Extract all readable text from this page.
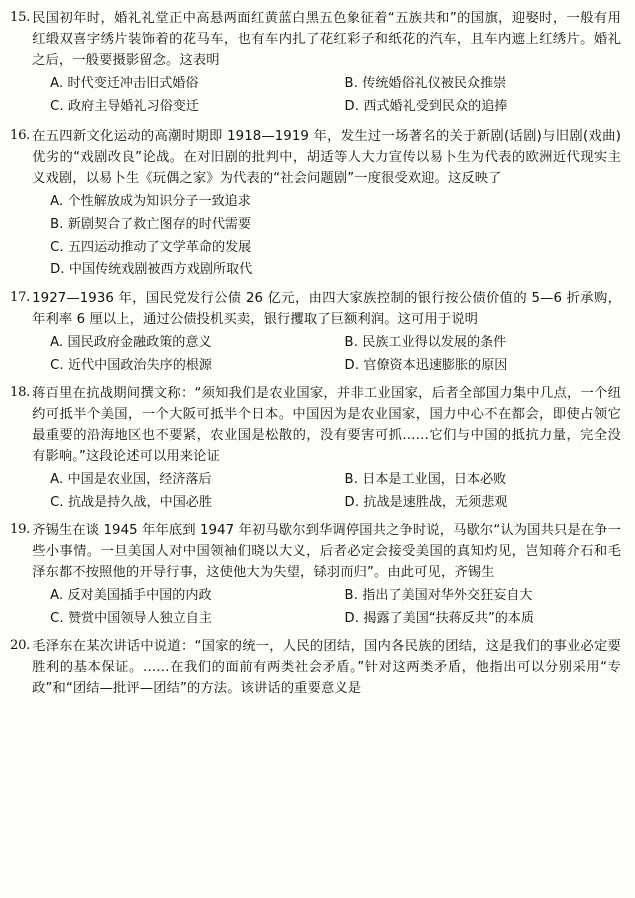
15. 民国初年时，婚礼礼堂正中高悬两面红黄蓝白黑五色象征着“五族共和”的国旗，迎娶时，一般有用红缎双喜字绣片装饰着的花马车，也有车内扎了花红彩子和纸花的汽车，且车内遮上红绣片。婚礼之后，一般要摄影留念。这表明
A. 时代变迁冲击旧式婚俗	B. 传统婚俗礼仪被民众推崇
C. 政府主导婚礼习俗变迁	D. 西式婚礼受到民众的追捧
16. 在五四新文化运动的高潮时期即 1918—1919 年，发生过一场著名的关于新剧(话剧)与旧剧(戏曲)优劣的“戏剧改良”论战。在对旧剧的批判中，胡适等人大力宣传以易卜生为代表的欧洲近代现实主义戏剧，以易卜生《玩偶之家》为代表的“社会问题剧”一度很受欢迎。这反映了
A. 个性解放成为知识分子一致追求
B. 新剧契合了救亡图存的时代需要
C. 五四运动推动了文学革命的发展
D. 中国传统戏剧被西方戏剧所取代
17. 1927—1936 年，国民党发行公债 26 亿元，由四大家族控制的银行按公债价值的 5—6 折承购，年利率 6 厘以上，通过公债投机买卖，银行攫取了巨额利润。这可用于说明
A. 国民政府金融政策的意义	B. 民族工业得以发展的条件
C. 近代中国政治失序的根源	D. 官僚资本迅速膨胀的原因
18. 蒋百里在抗战期间撰文称：“须知我们是农业国家，并非工业国家，后者全部国力集中几点，一个纽约可抵半个美国，一个大阪可抵半个日本。中国因为是农业国家，国力中心不在都会，即使占领它最重要的沿海地区也不要紧，农业国是松散的，没有要害可抓……它们与中国的抵抗力量，完全没有影响。”这段论述可以用来论证
A. 中国是农业国，经济落后	B. 日本是工业国，日本必败
C. 抗战是持久战，中国必胜	D. 抗战是速胜战，无须悲观
19. 齐锡生在谈 1945 年年底到 1947 年初马歇尔到华调停国共之争时说，马歇尔“认为国共只是在争一些小事情。一旦美国人对中国领袖们晓以大义，后者必定会接受美国的真知灼见，岂知蒋介石和毛泽东都不按照他的开导行事，这使他大为失望，铩羽而归”。由此可见，齐锡生
A. 反对美国插手中国的内政	B. 指出了美国对华外交狂妄自大
C. 赞赏中国领导人独立自主	D. 揭露了美国“扶蒋反共”的本质
20. 毛泽东在某次讲话中说道：“国家的统一，人民的团结，国内各民族的团结，这是我们的事业必定要胜利的基本保证。……在我们的面前有两类社会矛盾。”针对这两类矛盾，他指出可以分别采用“专政”和“团结—批评—团结”的方法。该讲话的重要意义是
